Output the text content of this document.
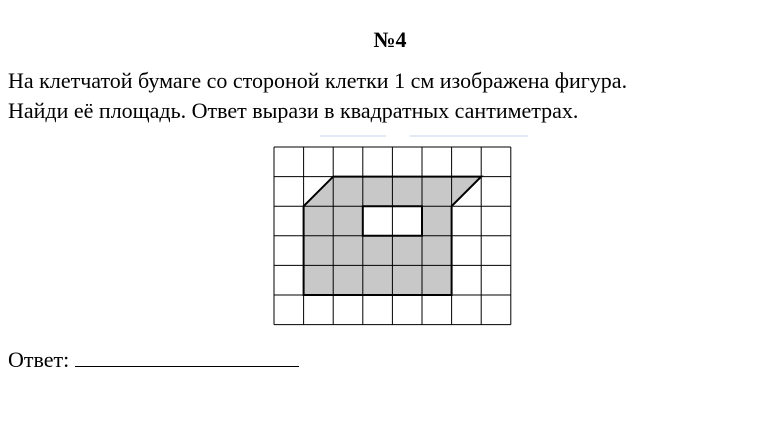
№4

На клетчатой бумаге со стороной клетки 1 см изображена фигура.

Найди её площадь. Ответ вырази в квадратных сантиметрах.

Ответ:
